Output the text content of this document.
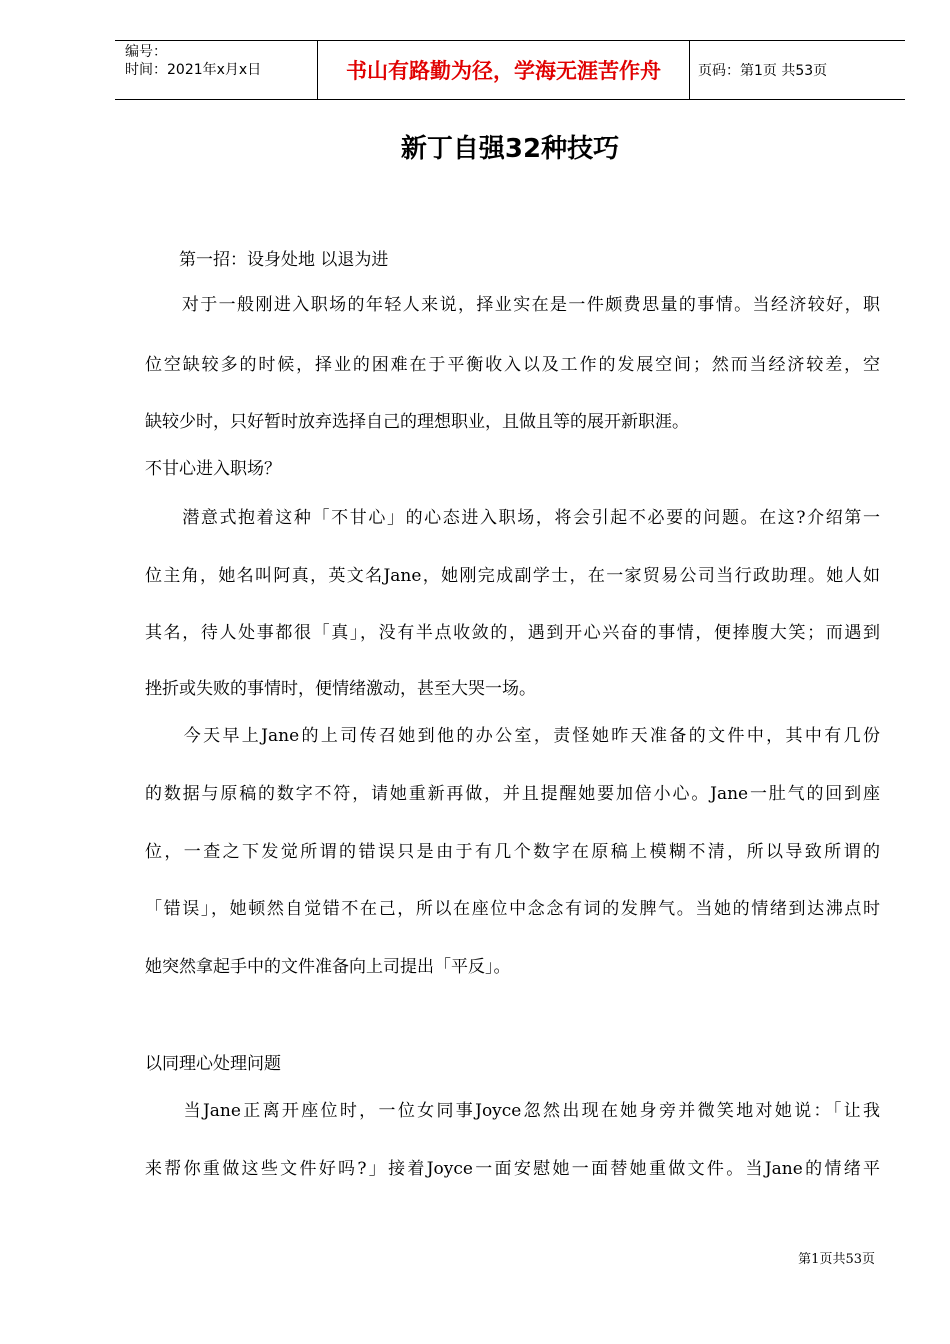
编号：
时间：2021年x月x日	书山有路勤为径，学海无涯苦作舟	页码：第1页 共53页
新丁自强32种技巧
　　第一招：设身处地 以退为进
　　对于一般刚进入职场的年轻人来说，择业实在是一件颇费思量的事情。当经济较好，职
位空缺较多的时候，择业的困难在于平衡收入以及工作的发展空间；然而当经济较差，空
缺较少时，只好暂时放弃选择自己的理想职业，且做且等的展开新职涯。
不甘心进入职场？
　　潜意式抱着这种「不甘心」的心态进入职场，将会引起不必要的问题。在这?介绍第一
位主角，她名叫阿真，英文名Jane，她刚完成副学士，在一家贸易公司当行政助理。她人如
其名，待人处事都很「真」，没有半点收敛的，遇到开心兴奋的事情，便捧腹大笑；而遇到
挫折或失败的事情时，便情绪激动，甚至大哭一场。
　　今天早上Jane的上司传召她到他的办公室，责怪她昨天准备的文件中，其中有几份
的数据与原稿的数字不符，请她重新再做，并且提醒她要加倍小心。Jane一肚气的回到座
位，一查之下发觉所谓的错误只是由于有几个数字在原稿上模糊不清，所以导致所谓的
「错误」，她顿然自觉错不在己，所以在座位中念念有词的发脾气。当她的情绪到达沸点时
她突然拿起手中的文件准备向上司提出「平反」。
以同理心处理问题
　　当Jane正离开座位时，一位女同事Joyce忽然出现在她身旁并微笑地对她说：「让我
来帮你重做这些文件好吗?」接着Joyce一面安慰她一面替她重做文件。当Jane的情绪平
第1页共53页
